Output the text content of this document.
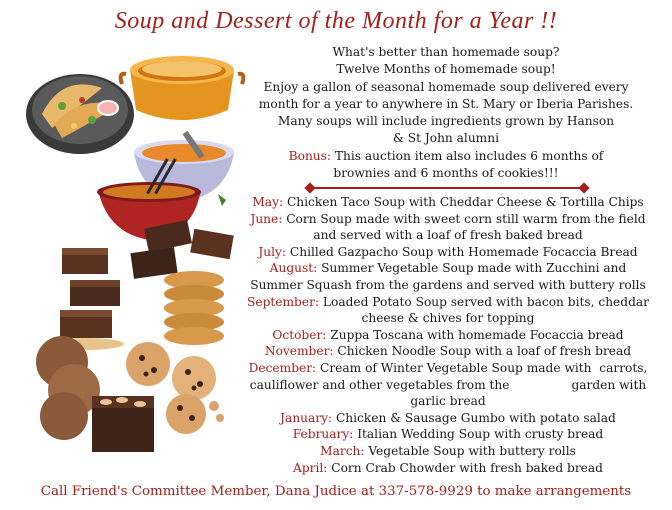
Soup and Dessert of the Month for a Year !!
What's better than homemade soup?
Twelve Months of homemade soup!
Enjoy a gallon of seasonal homemade soup delivered every
month for a year to anywhere in St. Mary or Iberia Parishes.
Many soups will include ingredients grown by Hanson
& St John alumni
Bonus: This auction item also includes 6 months of
brownies and 6 months of cookies!!!
May: Chicken Taco Soup with Cheddar Cheese & Tortilla Chips
June: Corn Soup made with sweet corn still warm from the field
and served with a loaf of fresh baked bread
July: Chilled Gazpacho Soup with Homemade Focaccia Bread
August: Summer Vegetable Soup made with Zucchini and
Summer Squash from the gardens and served with buttery rolls
September: Loaded Potato Soup served with bacon bits, cheddar
cheese & chives for topping
October: Zuppa Toscana with homemade Focaccia bread
November: Chicken Noodle Soup with a loaf of fresh bread
December: Cream of Winter Vegetable Soup made with  carrots,
cauliflower and other vegetables from the                garden with
garlic bread
January: Chicken & Sausage Gumbo with potato salad
February: Italian Wedding Soup with crusty bread
March: Vegetable Soup with buttery rolls
April: Corn Crab Chowder with fresh baked bread
Call Friend's Committee Member, Dana Judice at 337-578-9929 to make arrangements
